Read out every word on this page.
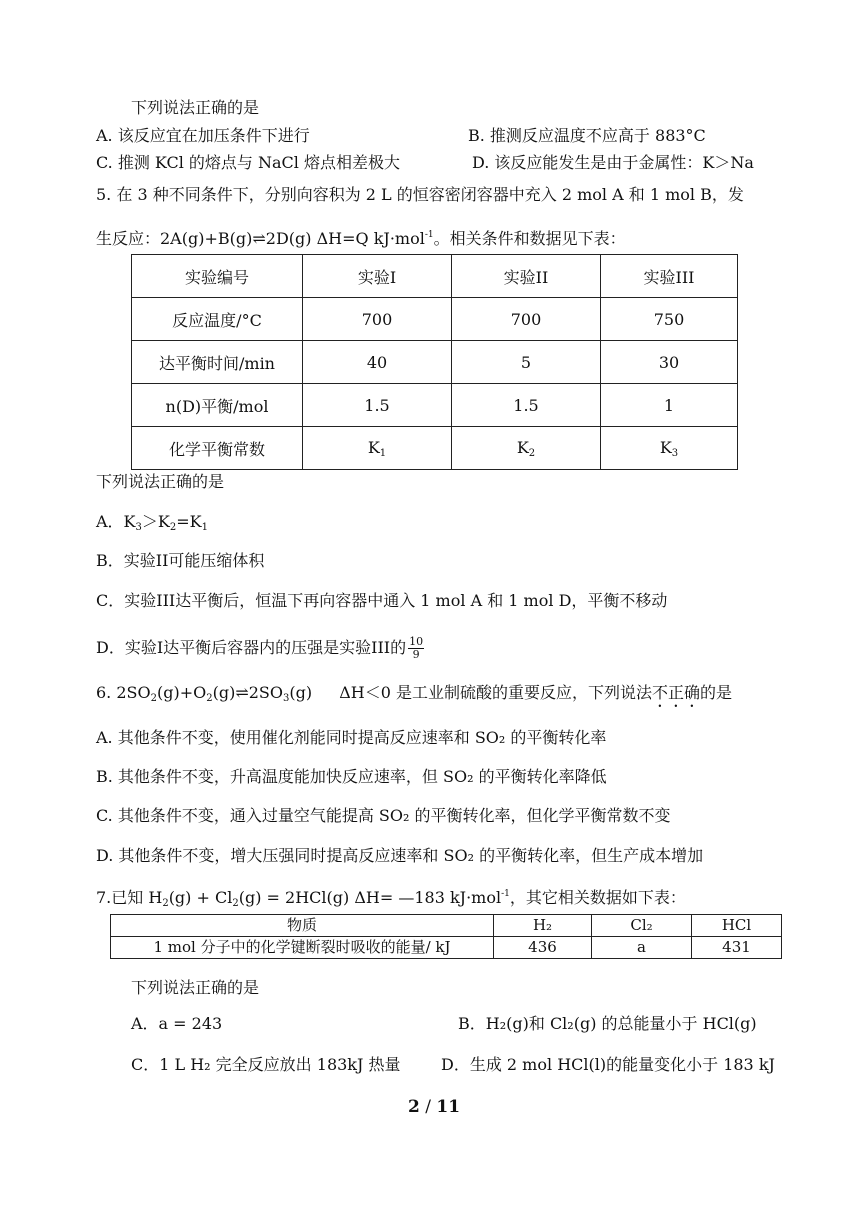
下列说法正确的是
A. 该反应宜在加压条件下进行	B. 推测反应温度不应高于 883°C
C. 推测 KCl 的熔点与 NaCl 熔点相差极大	D. 该反应能发生是由于金属性：K＞Na
5. 在 3 种不同条件下，分别向容积为 2 L 的恒容密闭容器中充入 2 mol A 和 1 mol B，发
生反应：2A(g)+B(g)⇌2D(g) ΔH=Q kJ·mol$^{-1}$。相关条件和数据见下表：
实验编号	实验I	实验II	实验III
反应温度/°C	700	700	750
达平衡时间/min	40	5	30
n(D)平衡/mol	1.5	1.5	1
化学平衡常数	$K_1$	$K_2$	$K_3$
下列说法正确的是
A．$K_3>K_2=K_1$
B．实验II可能压缩体积
C．实验III达平衡后，恒温下再向容器中通入 1 mol A 和 1 mol D，平衡不移动
D．实验I达平衡后容器内的压强是实验III的 $\frac{10}{9}$
6. $2SO_2(g)+O_2(g)\rightleftharpoons 2SO_3(g)$ ΔH＜0 是工业制硫酸的重要反应，下列说法不正确的是
A. 其他条件不变，使用催化剂能同时提高反应速率和 SO₂ 的平衡转化率
B. 其他条件不变，升高温度能加快反应速率，但 SO₂ 的平衡转化率降低
C. 其他条件不变，通入过量空气能提高 SO₂ 的平衡转化率，但化学平衡常数不变
D. 其他条件不变，增大压强同时提高反应速率和 SO₂ 的平衡转化率，但生产成本增加
7.已知 $H_2(g) + Cl_2(g) = 2HCl(g)$ ΔH= —183 kJ·mol$^{-1}$，其它相关数据如下表：
物质	H₂	Cl₂	HCl
1 mol 分子中的化学键断裂时吸收的能量/ kJ	436	a	431
下列说法正确的是
A．a = 243	B．H₂(g)和 Cl₂(g) 的总能量小于 HCl(g)
C．1 L H₂ 完全反应放出 183kJ 热量	D．生成 2 mol HCl(l)的能量变化小于 183 kJ
2 / 11
